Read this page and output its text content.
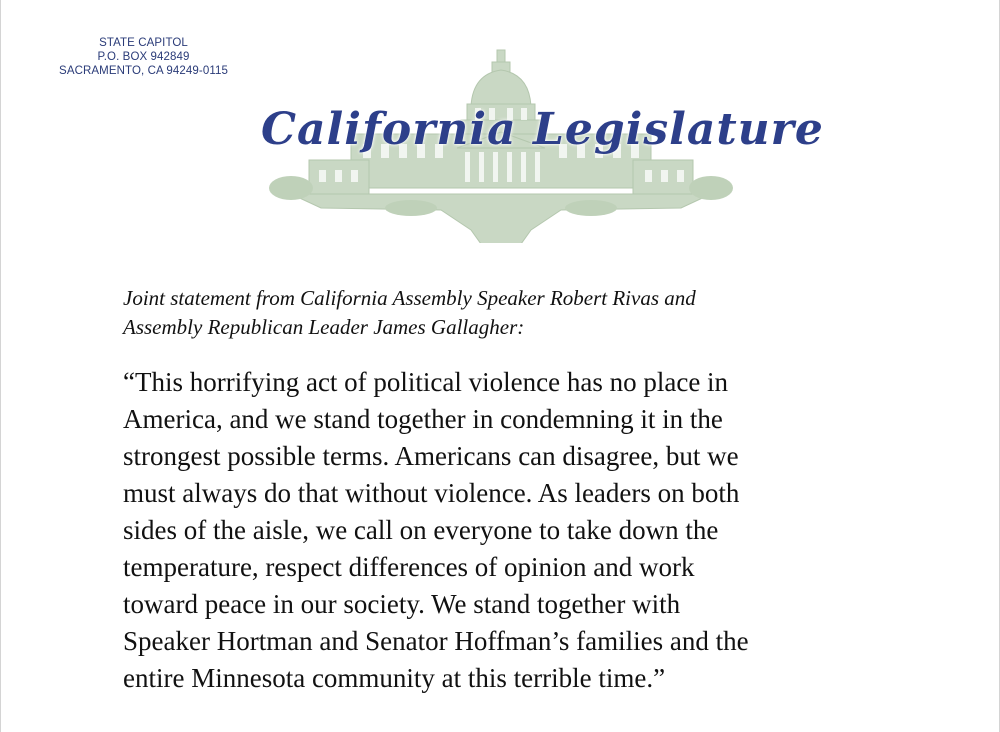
STATE CAPITOL
P.O. BOX 942849
SACRAMENTO, CA 94249-0115
California Legislature
Joint statement from California Assembly Speaker Robert Rivas and
Assembly Republican Leader James Gallagher:
“This horrifying act of political violence has no place in
America, and we stand together in condemning it in the
strongest possible terms. Americans can disagree, but we
must always do that without violence. As leaders on both
sides of the aisle, we call on everyone to take down the
temperature, respect differences of opinion and work
toward peace in our society. We stand together with
Speaker Hortman and Senator Hoffman’s families and the
entire Minnesota community at this terrible time.”
